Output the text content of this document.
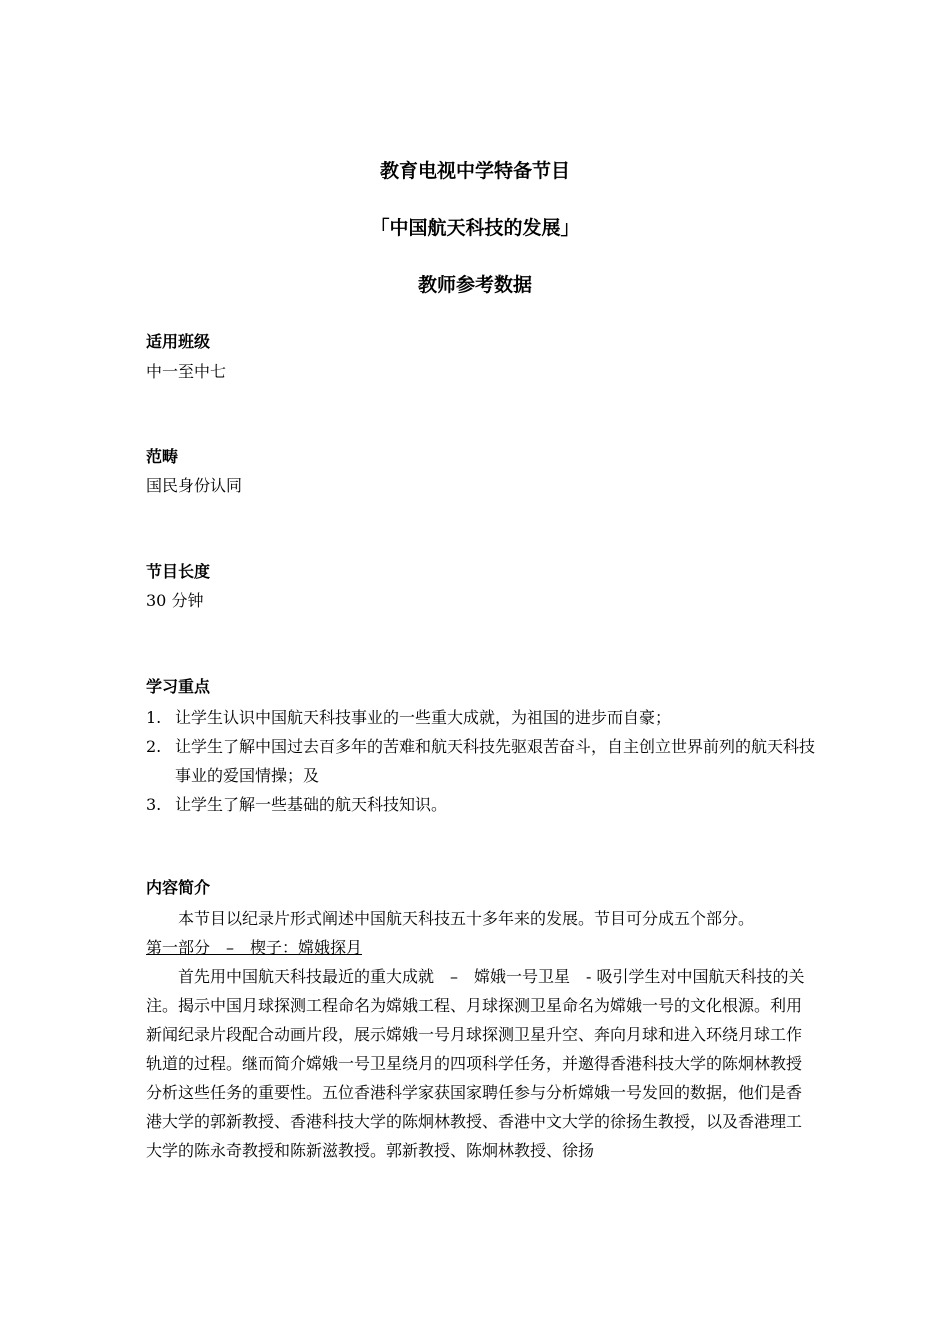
教育电视中学特备节目
「中国航天科技的发展」
教师参考数据
适用班级
中一至中七
范畴
国民身份认同
节目长度
30 分钟
学习重点
1. 让学生认识中国航天科技事业的一些重大成就，为祖国的进步而自豪；
2. 让学生了解中国过去百多年的苦难和航天科技先驱艰苦奋斗，自主创立世界前列的航天科技事业的爱国情操；及
3. 让学生了解一些基础的航天科技知识。
内容简介

本节目以纪录片形式阐述中国航天科技五十多年来的发展。节目可分成五个部分。

第一部分　–　楔子：嫦娥探月

首先用中国航天科技最近的重大成就　–　嫦娥一号卫星　- 吸引学生对中国航天科技的关注。揭示中国月球探测工程命名为嫦娥工程、月球探测卫星命名为嫦娥一号的文化根源。利用新闻纪录片段配合动画片段，展示嫦娥一号月球探测卫星升空、奔向月球和进入环绕月球工作轨道的过程。继而简介嫦娥一号卫星绕月的四项科学任务，并邀得香港科技大学的陈炯林教授分析这些任务的重要性。五位香港科学家获国家聘任参与分析嫦娥一号发回的数据，他们是香港大学的郭新教授、香港科技大学的陈炯林教授、香港中文大学的徐扬生教授，以及香港理工大学的陈永奇教授和陈新滋教授。郭新教授、陈炯林教授、徐扬
